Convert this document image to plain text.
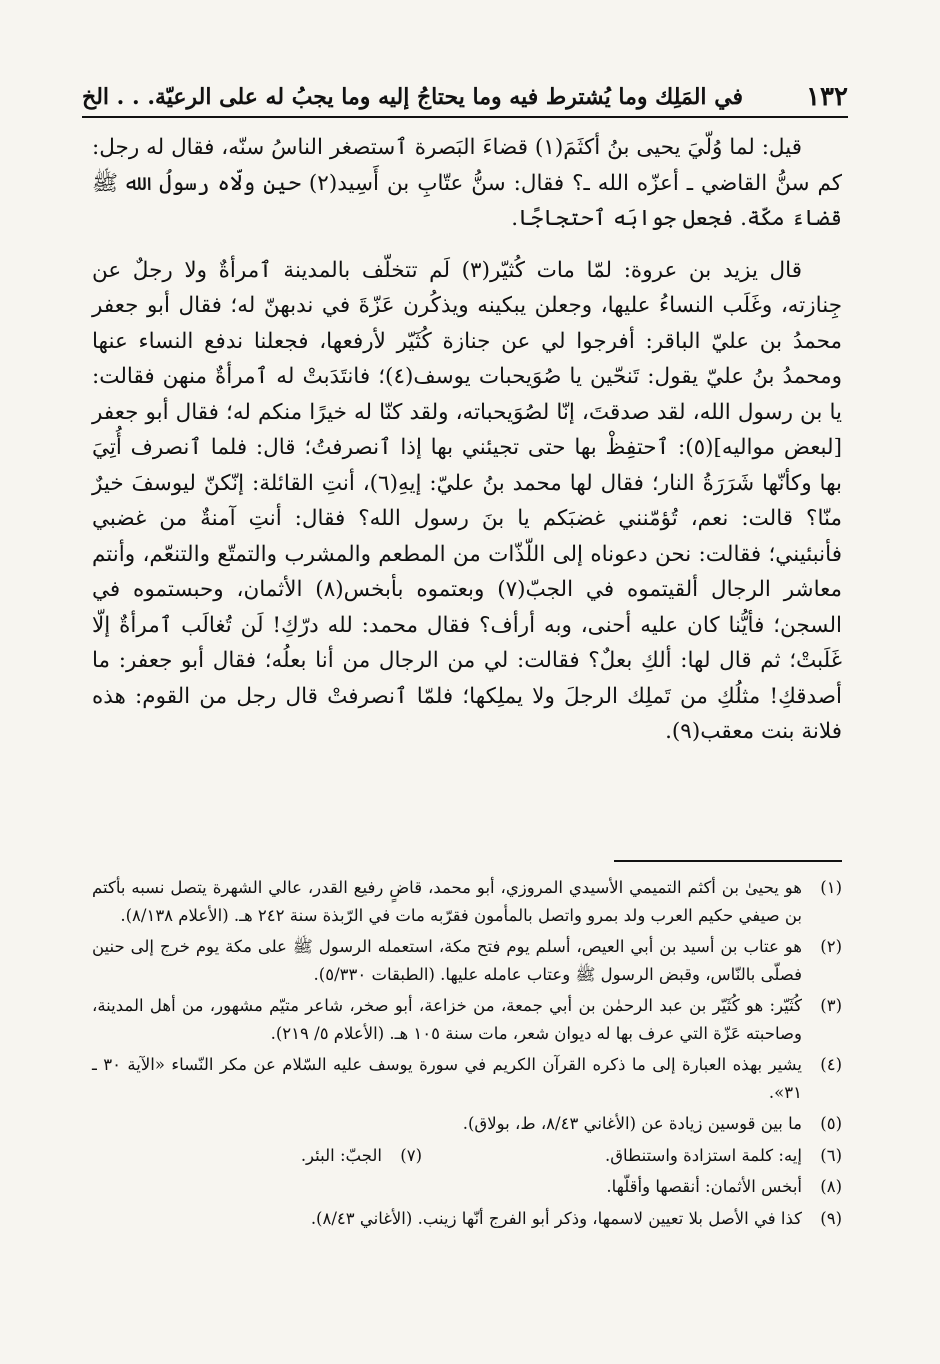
١٣٢
في المَلِك وما يُشترط فيه وما يحتاجُ إليه وما يجبُ له على الرعيّة. . . الخ

قيل: لما وُلّيَ يحيى بنُ أكثَمَ(١) قضاءَ البَصرة ٱستصغر الناسُ سنّه، فقال له رجل: كم سنُّ القاضي ـ أعزّه الله ـ؟ فقال: سنُّ عتّابِ بن أَسِيد(٢) حين ولّاه رسولُ الله ﷺ قضاءَ مكّة. فجعل جوابَه ٱحتجاجًا.

قال يزيد بن عروة: لمّا مات كُثيّر(٣) لَم تتخلّف بالمدينة ٱمرأةٌ ولا رجلٌ عن جِنازته، وغَلَب النساءُ عليها، وجعلن يبكينه ويذكُرن عَزّةَ في ندبهنّ له؛ فقال أبو جعفر محمدُ بن عليّ الباقر: أفرجوا لي عن جنازة كُثَيّر لأرفعها، فجعلنا ندفع النساء عنها ومحمدُ بنُ عليّ يقول: تَنحّين يا صُوَيحبات يوسف(٤)؛ فانتَدَبتْ له ٱمرأةٌ منهن فقالت: يا بن رسول الله، لقد صدقتَ، إنّا لصُوَيحباته، ولقد كنّا له خيرًا منكم له؛ فقال أبو جعفر [لبعض مواليه](٥): ٱحتفِظْ بها حتى تجيئني بها إذا ٱنصرفتُ؛ قال: فلما ٱنصرف أُتِيَ بها وكأنّها شَرَرَةُ النار؛ فقال لها محمد بنُ عليّ: إيهِ(٦)، أنتِ القائلة: إنّكنّ ليوسفَ خيرٌ منّا؟ قالت: نعم، تُؤمّنني غضبَكم يا بنَ رسول الله؟ فقال: أنتِ آمنةٌ من غضبي فأنبئيني؛ فقالت: نحن دعوناه إلى اللّذّات من المطعم والمشرب والتمتّع والتنعّم، وأنتم معاشر الرجال ألقيتموه في الجبّ(٧) وبعتموه بأبخس(٨) الأثمان، وحبستموه في السجن؛ فأيُّنا كان عليه أحنى، وبه أرأف؟ فقال محمد: لله درّكِ! لَن تُغالَب ٱمرأةٌ إلّا غَلَبتْ؛ ثم قال لها: ألكِ بعلٌ؟ فقالت: لي من الرجال من أنا بعلُه؛ فقال أبو جعفر: ما أصدقكِ! مثلُكِ من تَملِك الرجلَ ولا يملِكها؛ فلمّا ٱنصرفتْ قال رجل من القوم: هذه فلانة بنت معقب(٩).

(١)
هو يحيىٰ بن أكثم التميمي الأسيدي المروزي، أبو محمد، قاضٍ رفيع القدر، عالي الشهرة يتصل نسبه بأكتم بن صيفي حكيم العرب ولد بمرو واتصل بالمأمون فقرّبه مات في الرّبذة سنة ٢٤٢ هـ. (الأعلام ٨/١٣٨).
(٢)
هو عتاب بن أسيد بن أبي العيص، أسلم يوم فتح مكة، استعمله الرسول ﷺ على مكة يوم خرج إلى حنين فصلّى بالنّاس، وقبض الرسول ﷺ وعتاب عامله عليها. (الطبقات ٥/٣٣٠).
(٣)
كُثَيّر: هو كُثَيّر بن عبد الرحمٰن بن أبي جمعة، من خزاعة، أبو صخر، شاعر متيّم مشهور، من أهل المدينة، وصاحبته عَزّة التي عرف بها له ديوان شعر، مات سنة ١٠٥ هـ. (الأعلام ٥/ ٢١٩).
(٤)
يشير بهذه العبارة إلى ما ذكره القرآن الكريم في سورة يوسف عليه السّلام عن مكر النّساء «الآية ٣٠ ـ ٣١».
(٥)
ما بين قوسين زيادة عن (الأغاني ٨/٤٣، ط، بولاق).
(٦)
إيه: كلمة استزادة واستنطاق.
(٧)
الجبّ: البئر.
(٨)
أبخس الأثمان: أنقصها وأقلّها.
(٩)
كذا في الأصل بلا تعيين لاسمها، وذكر أبو الفرج أنّها زينب. (الأغاني ٨/٤٣).
